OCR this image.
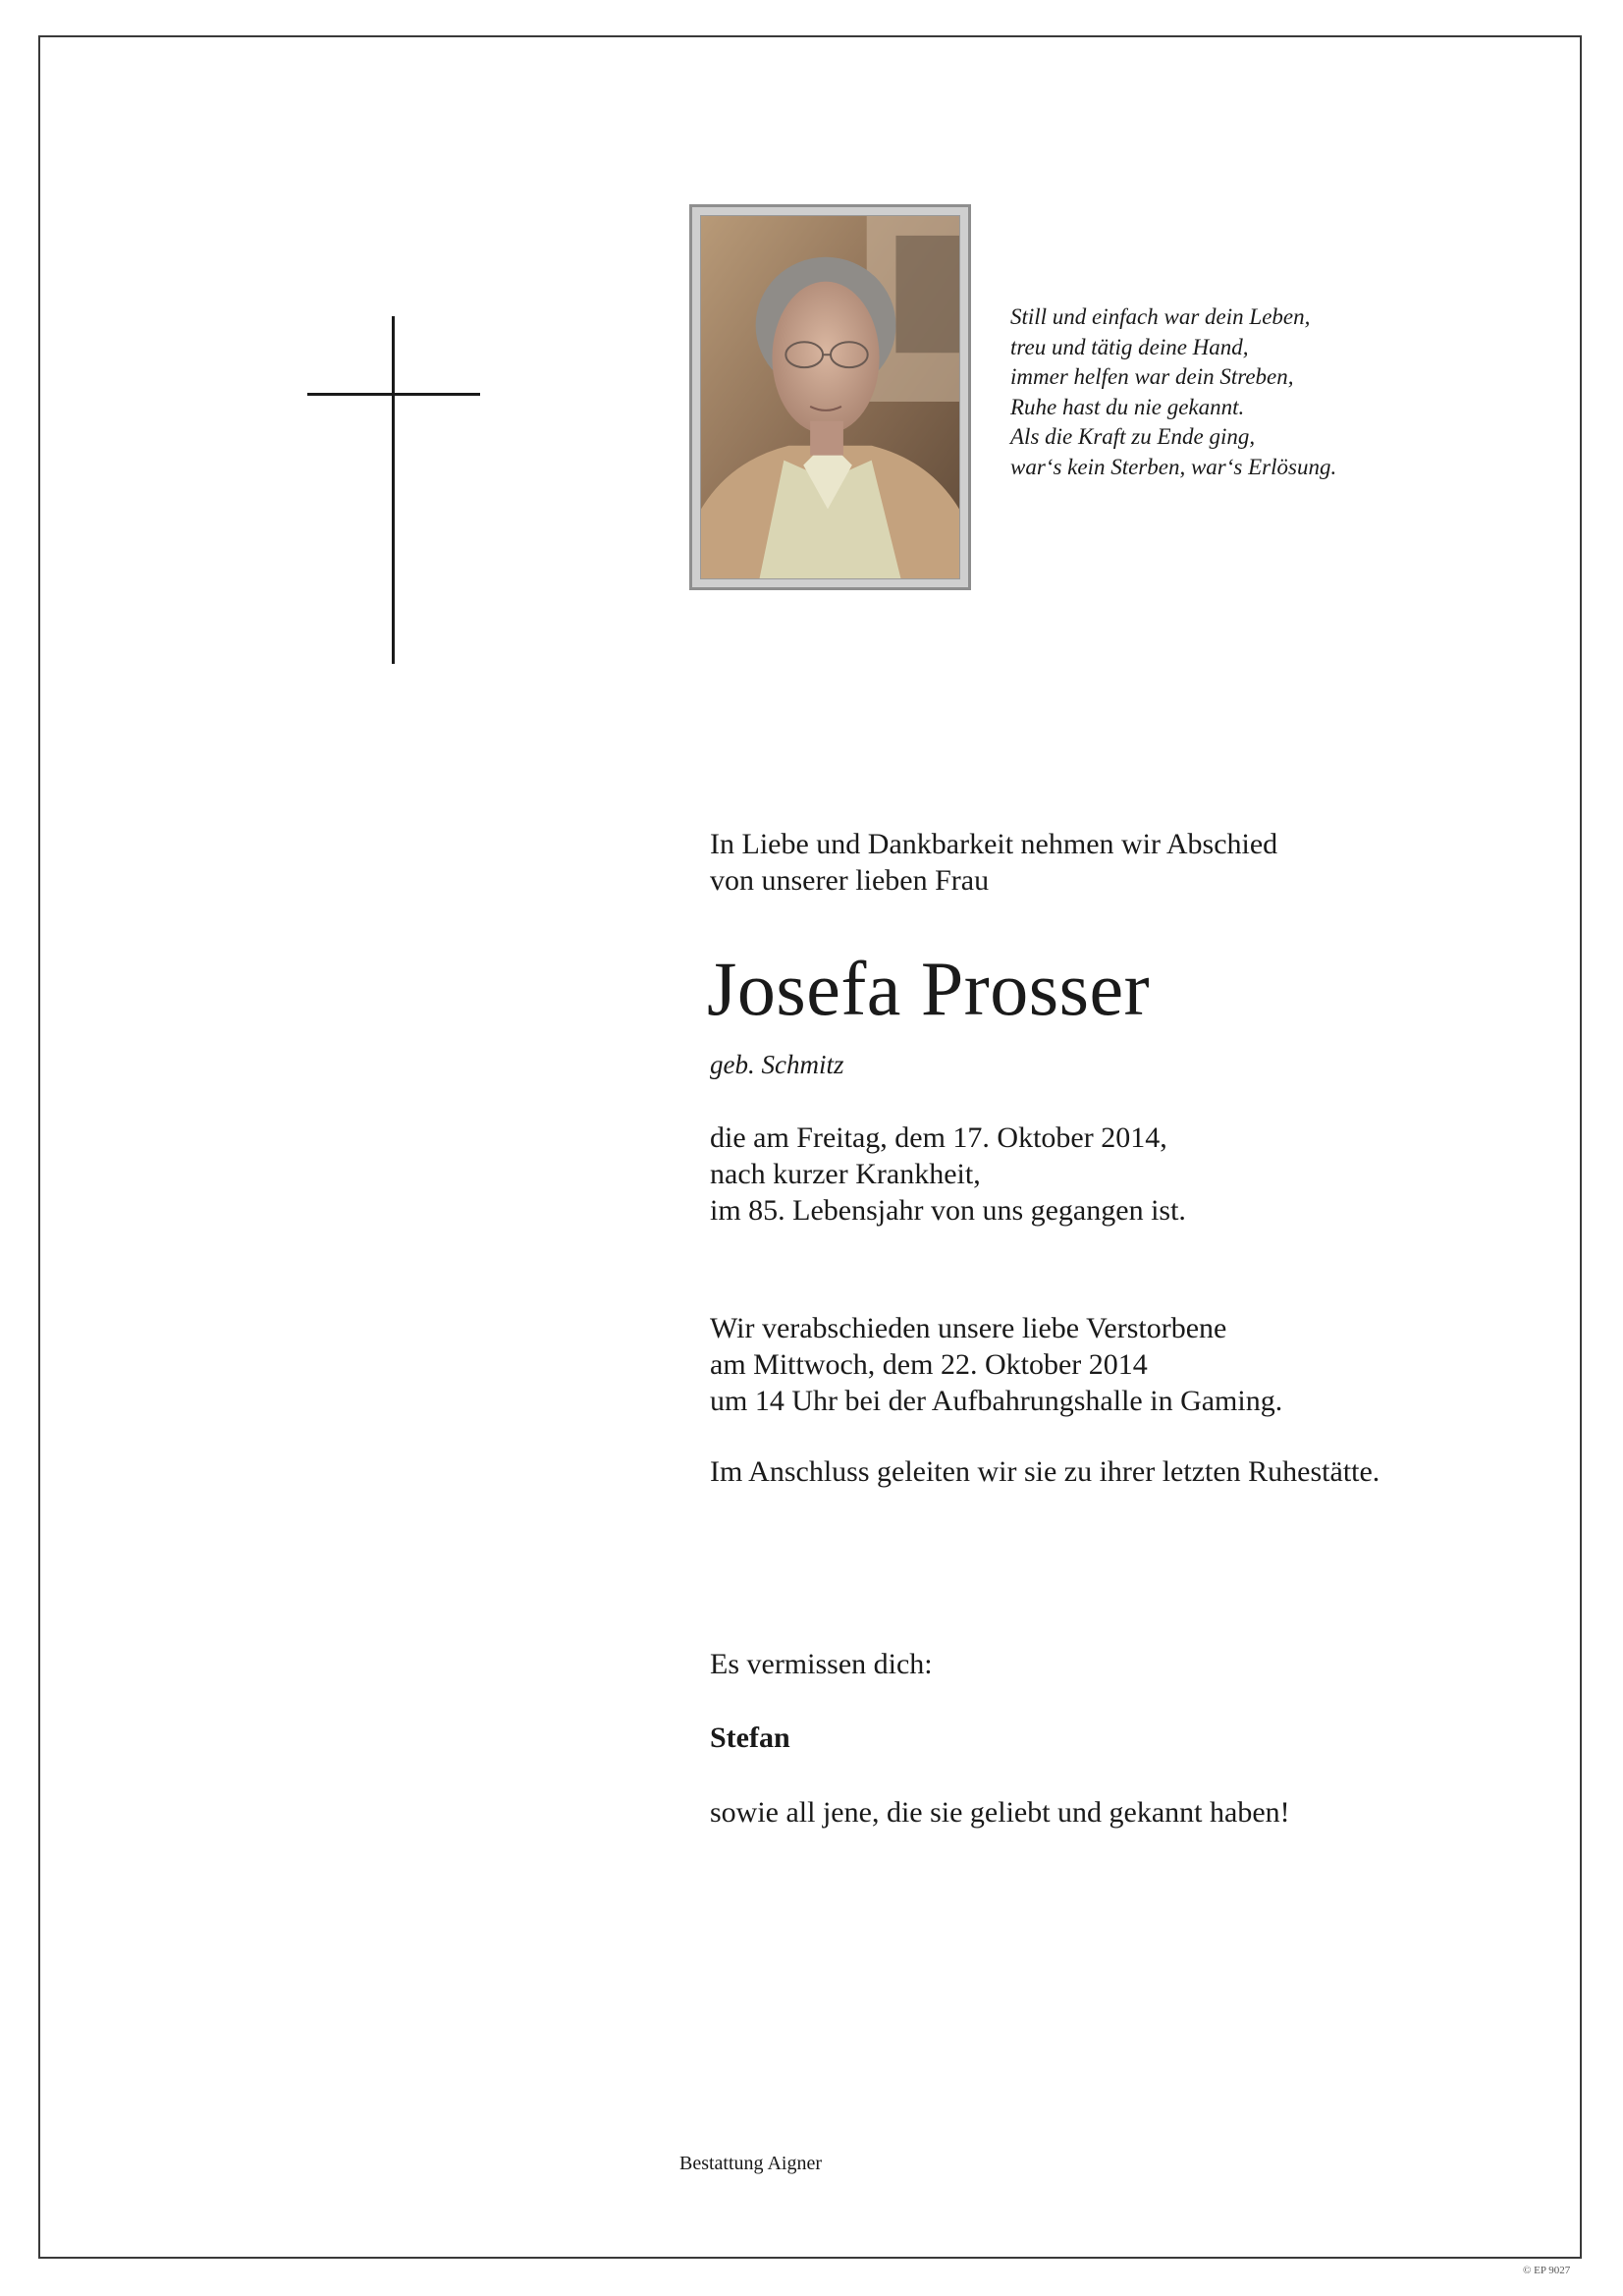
Still und einfach war dein Leben,
treu und tätig deine Hand,
immer helfen war dein Streben,
Ruhe hast du nie gekannt.
Als die Kraft zu Ende ging,
war‘s kein Sterben, war‘s Erlösung.
In Liebe und Dankbarkeit nehmen wir Abschied
von unserer lieben Frau
Josefa Prosser
geb. Schmitz
die am Freitag, dem 17. Oktober 2014,
nach kurzer Krankheit,
im 85. Lebensjahr von uns gegangen ist.
Wir verabschieden unsere liebe Verstorbene
am Mittwoch, dem 22. Oktober 2014
um 14 Uhr bei der Aufbahrungshalle in Gaming.
Im Anschluss geleiten wir sie zu ihrer letzten Ruhestätte.
Es vermissen dich:
Stefan
sowie all jene, die sie geliebt und gekannt haben!
Bestattung Aigner
© EP 9027
